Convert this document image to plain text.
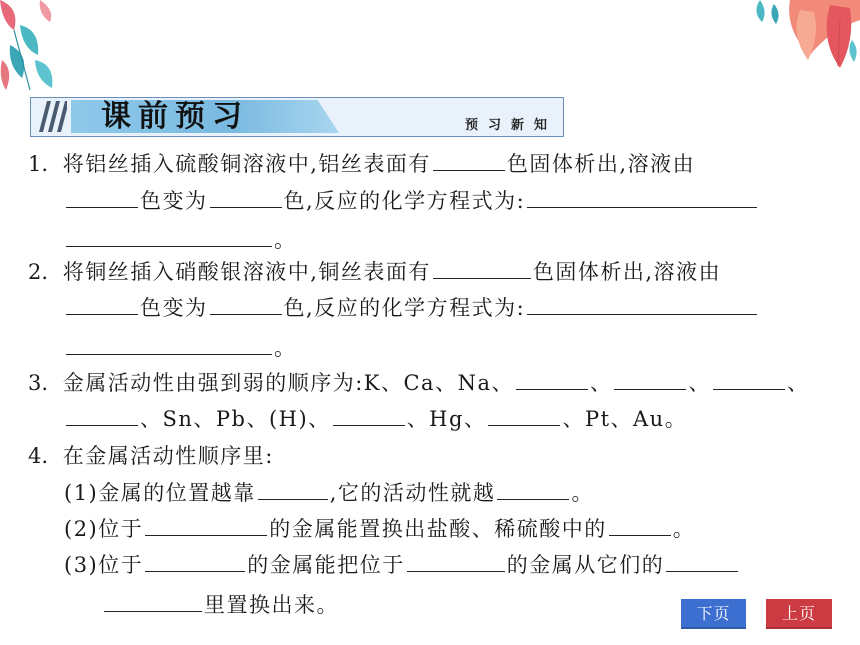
课前预习	预习新知
1. 将铝丝插入硫酸铜溶液中,铝丝表面有	色固体析出,溶液由
色变为	色,反应的化学方程式为:
。
2. 将铜丝插入硝酸银溶液中,铜丝表面有	色固体析出,溶液由
色变为	色,反应的化学方程式为:
。
3. 金属活动性由强到弱的顺序为:K、Ca、Na、	、	、	、
、Sn、Pb、(H)、	、Hg、	、Pt、Au。
4. 在金属活动性顺序里:
(1)金属的位置越靠	,它的活动性就越	。
(2)位于	的金属能置换出盐酸、稀硫酸中的	。
(3)位于	的金属能把位于	的金属从它们的
里置换出来。	下页	上页
